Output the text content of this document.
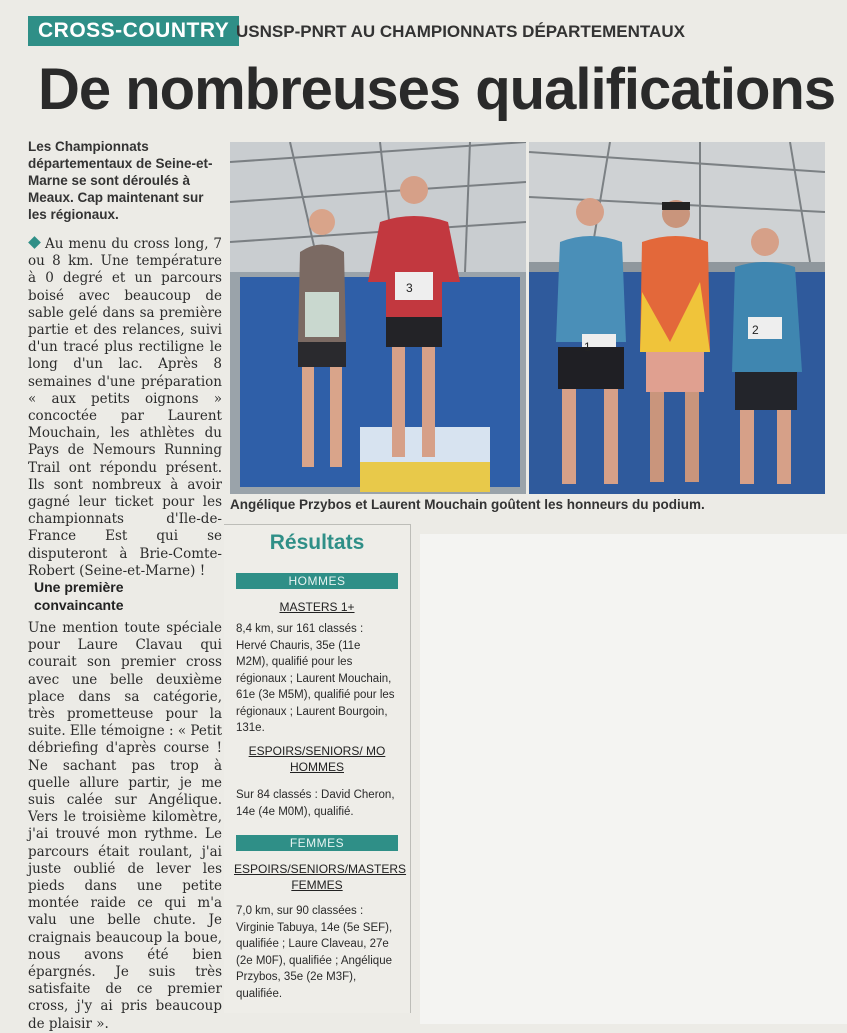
CROSS-COUNTRY USNSP-PNRT AU CHAMPIONNATS DÉPARTEMENTAUX
De nombreuses qualifications
Les Championnats départementaux de Seine-et-Marne se sont déroulés à Meaux. Cap maintenant sur les régionaux.

Au menu du cross long, 7 ou 8 km. Une température à 0 degré et un parcours boisé avec beaucoup de sable gelé dans sa première partie et des relances, suivi d'un tracé plus rectiligne le long d'un lac. Après 8 semaines d'une préparation « aux petits oignons » concoctée par Laurent Mouchain, les athlètes du Pays de Nemours Running Trail ont répondu présent. Ils sont nombreux à avoir gagné leur ticket pour les championnats d'Ile-de-France Est qui se disputeront à Brie-Comte-Robert (Seine-et-Marne) !

Une première convaincante

Une mention toute spéciale pour Laure Clavau qui courait son premier cross avec une belle deuxième place dans sa catégorie, très prometteuse pour la suite. Elle témoigne : « Petit débriefing d'après course ! Ne sachant pas trop à quelle allure partir, je me suis calée sur Angélique. Vers le troisième kilomètre, j'ai trouvé mon rythme. Le parcours était roulant, j'ai juste oublié de lever les pieds dans une petite montée raide ce qui m'a valu une belle chute. Je craignais beaucoup la boue, nous avons été bien épargnés. Je suis très satisfaite de ce premier cross, j'y ai pris beaucoup de plaisir ».

1
2
3
Angélique Przybos et Laurent Mouchain goûtent les honneurs du podium.
Résultats
HOMMES
MASTERS 1+
8,4 km, sur 161 classés : Hervé Chauris, 35e (11e M2M), qualifié pour les régionaux ; Laurent Mouchain, 61e (3e M5M), qualifié pour les régionaux ; Laurent Bourgoin, 131e.
ESPOIRS/SENIORS/ MO HOMMES
Sur 84 classés : David Cheron, 14e (4e M0M), qualifié.
FEMMES
ESPOIRS/SENIORS/MASTERS FEMMES
7,0 km, sur 90 classées : Virginie Tabuya, 14e (5e SEF), qualifiée ; Laure Claveau, 27e (2e M0F), qualifiée ; Angélique Przybos, 35e (2e M3F), qualifiée.
